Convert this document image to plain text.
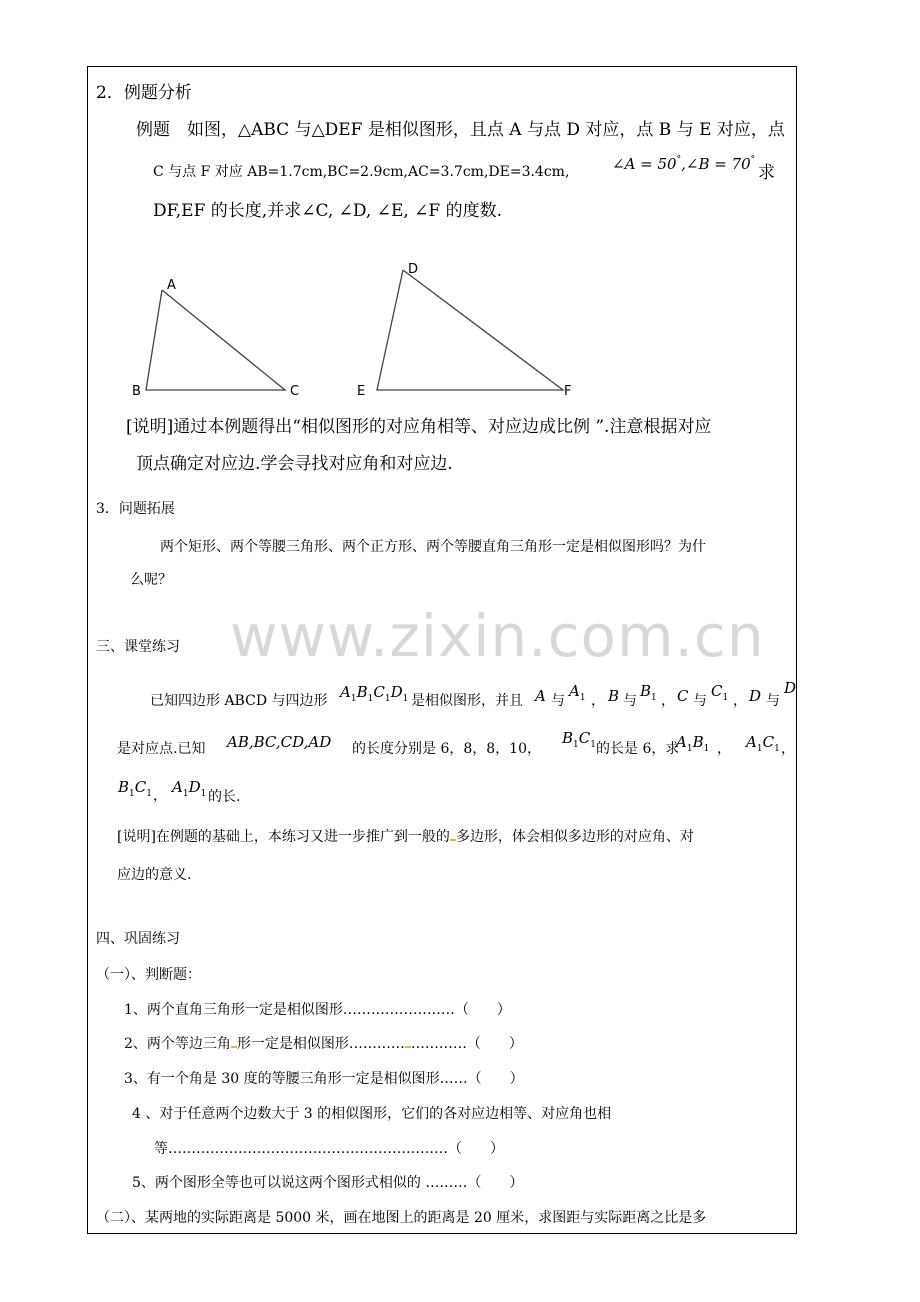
www.zixin.com.cn
2．例题分析
例题　如图，△ABC 与△DEF 是相似图形，且点 A 与点 D 对应，点 B 与 E 对应，点
C 与点 F 对应 AB=1.7cm,BC=2.9cm,AC=3.7cm,DE=3.4cm,	∠A = 50°,∠B = 70°
求
DF,EF 的长度,并求∠C, ∠D, ∠E, ∠F 的度数.
A
B	C
D
E	F
[说明]通过本例题得出“相似图形的对应角相等、对应边成比例 ”.注意根据对应
顶点确定对应边.学会寻找对应角和对应边.
3．问题拓展
两个矩形、两个等腰三角形、两个正方形、两个等腰直角三角形一定是相似图形吗？为什
么呢？
三、课堂练习
已知四边形 ABCD 与四边形 $A_1B_1C_1D_1$ 是相似图形，并且 A 与
$A_1$ ， B 与
$B_1$ ， C 与
$C_1$ ， D 与
D
是对应点.已知 AB,BC,CD,AD 的长度分别是 6，8，8，10，
$B_1C_1$ 的长是 6，求
$A_1B_1$ ， $A_1C_1$ ，
$B_1C_1$ ， $A_1D_1$ 的长.
[说明]在例题的基础上，本练习又进一步推广到一般的 多边形，体会相似多边形的对应角、对
应边的意义.
四、巩固练习
（一）、判断题：
1、两个直角三角形一定是相似图形……………………（　　）
2、两个等边三角 形一定是相似图形………… …………（　　）
3、有一个角是 30 度的等腰三角形一定是相似图形……（　　）
4 、对于任意两个边数大于 3 的相似图形，它们的各对应边相等、对应角也相
等……………………………………………………（　　）
5、两个图形全等也可以说这两个图形式相似的 ………（　　）
（二）、某两地的实际距离是 5000 米，画在地图上的距离是 20 厘米，求图距与实际距离之比是多
